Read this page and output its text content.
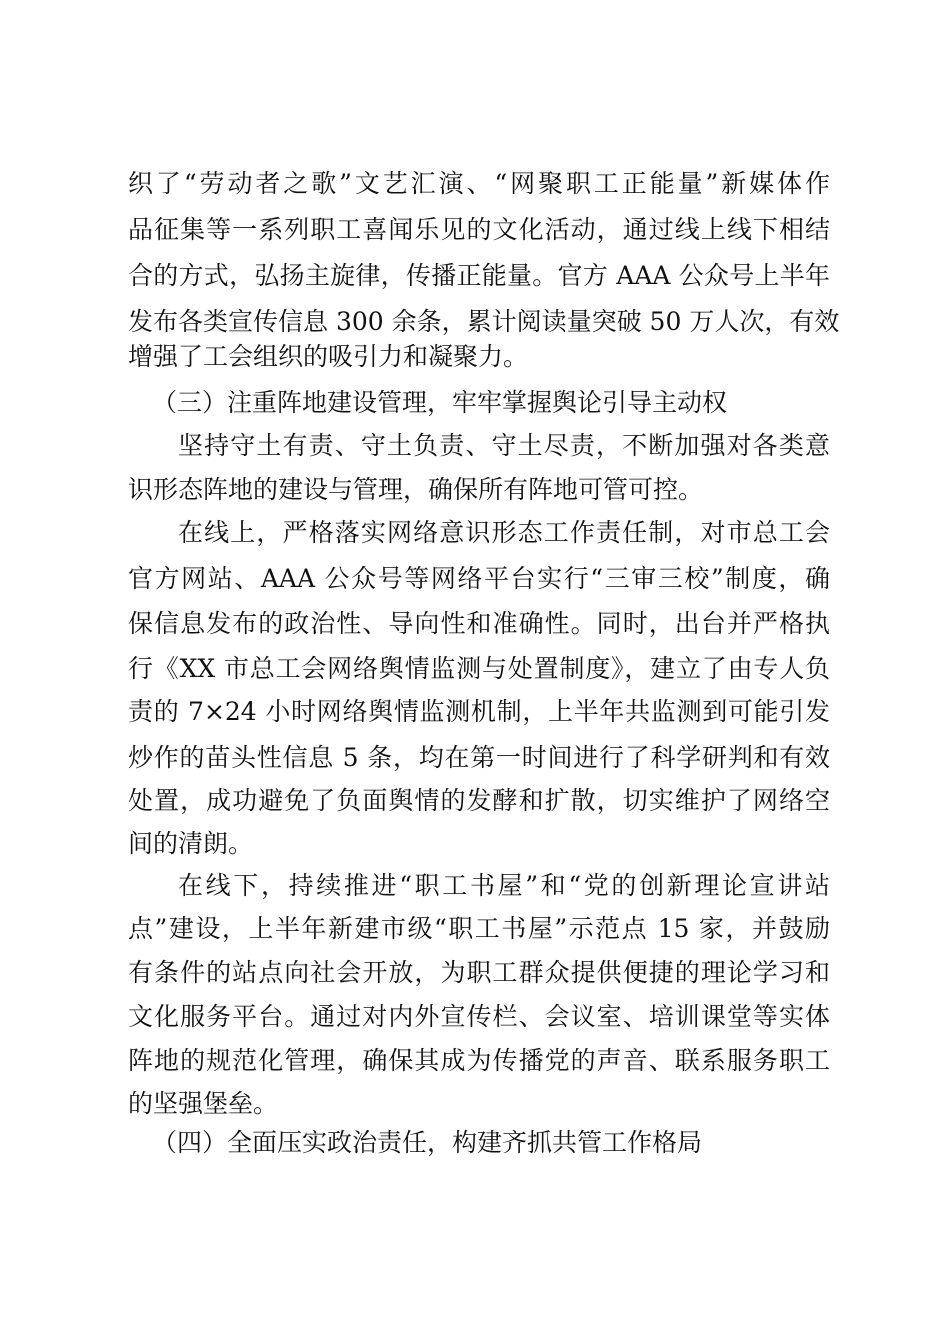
织了“劳动者之歌”文艺汇演、“网聚职工正能量”新媒体作
品征集等一系列职工喜闻乐见的文化活动，通过线上线下相结
合的方式，弘扬主旋律，传播正能量。官方 AAA 公众号上半年
发布各类宣传信息 300 余条，累计阅读量突破 50 万人次，有效
增强了工会组织的吸引力和凝聚力。
（三）注重阵地建设管理，牢牢掌握舆论引导主动权
坚持守土有责、守土负责、守土尽责，不断加强对各类意
识形态阵地的建设与管理，确保所有阵地可管可控。
在线上，严格落实网络意识形态工作责任制，对市总工会
官方网站、AAA 公众号等网络平台实行“三审三校”制度，确
保信息发布的政治性、导向性和准确性。同时，出台并严格执
行《XX 市总工会网络舆情监测与处置制度》，建立了由专人负
责的 7×24 小时网络舆情监测机制，上半年共监测到可能引发
炒作的苗头性信息 5 条，均在第一时间进行了科学研判和有效
处置，成功避免了负面舆情的发酵和扩散，切实维护了网络空
间的清朗。
在线下，持续推进“职工书屋”和“党的创新理论宣讲站
点”建设，上半年新建市级“职工书屋”示范点 15 家，并鼓励
有条件的站点向社会开放，为职工群众提供便捷的理论学习和
文化服务平台。通过对内外宣传栏、会议室、培训课堂等实体
阵地的规范化管理，确保其成为传播党的声音、联系服务职工
的坚强堡垒。
（四）全面压实政治责任，构建齐抓共管工作格局
